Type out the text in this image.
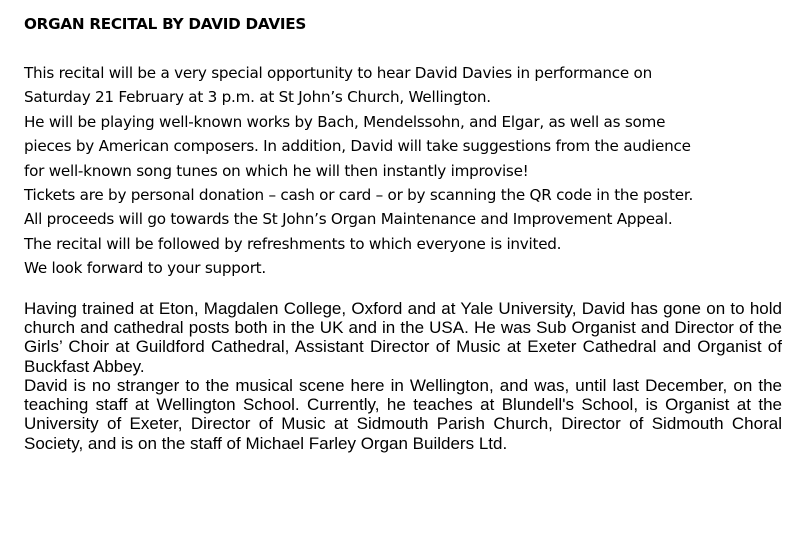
ORGAN RECITAL BY DAVID DAVIES

This recital will be a very special opportunity to hear David Davies in performance on

Saturday 21 February at 3 p.m. at St John’s Church, Wellington.

He will be playing well-known works by Bach, Mendelssohn, and Elgar, as well as some

pieces by American composers. In addition, David will take suggestions from the audience

for well-known song tunes on which he will then instantly improvise!

Tickets are by personal donation – cash or card – or by scanning the QR code in the poster.

All proceeds will go towards the St John’s Organ Maintenance and Improvement Appeal.

The recital will be followed by refreshments to which everyone is invited.

We look forward to your support.

Having trained at Eton, Magdalen College, Oxford and at Yale University, David has gone on to hold church and cathedral posts both in the UK and in the USA. He was Sub Organist and Director of the Girls’ Choir at Guildford Cathedral, Assistant Director of Music at Exeter Cathedral and Organist of Buckfast Abbey.

David is no stranger to the musical scene here in Wellington, and was, until last December, on the teaching staff at Wellington School. Currently, he teaches at Blundell's School, is Organist at the University of Exeter, Director of Music at Sidmouth Parish Church, Director of Sidmouth Choral Society, and is on the staff of Michael Farley Organ Builders Ltd.
